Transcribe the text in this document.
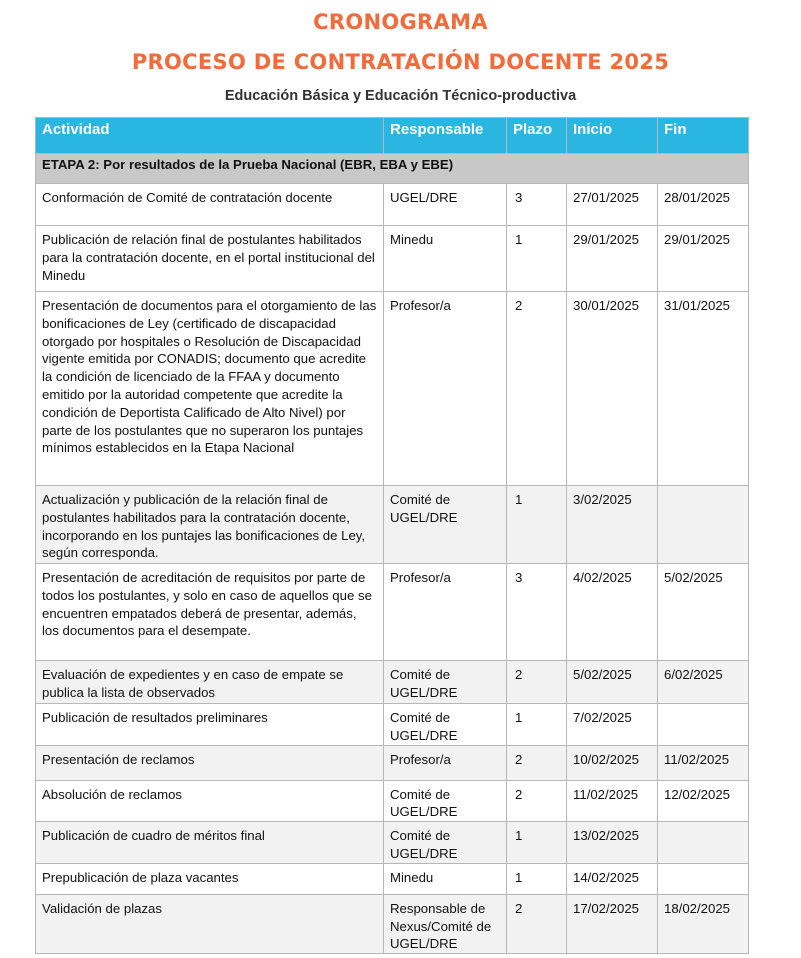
CRONOGRAMA
PROCESO DE CONTRATACIÓN DOCENTE 2025
Educación Básica y Educación Técnico-productiva
Actividad	Responsable	Plazo	Inicio	Fin
ETAPA 2: Por resultados de la Prueba Nacional (EBR, EBA y EBE)				
Conformación de Comité de contratación docente	UGEL/DRE	3	27/01/2025	28/01/2025
Publicación de relación final de postulantes habilitados para la contratación docente, en el portal institucional del Minedu	Minedu	1	29/01/2025	29/01/2025
Presentación de documentos para el otorgamiento de las bonificaciones de Ley (certificado de discapacidad otorgado por hospitales o Resolución de Discapacidad vigente emitida por CONADIS; documento que acredite la condición de licenciado de la FFAA y documento emitido por la autoridad competente que acredite la condición de Deportista Calificado de Alto Nivel) por parte de los postulantes que no superaron los puntajes mínimos establecidos en la Etapa Nacional	Profesor/a	2	30/01/2025	31/01/2025
Actualización y publicación de la relación final de postulantes habilitados para la contratación docente, incorporando en los puntajes las bonificaciones de Ley, según corresponda.	Comité de UGEL/DRE	1	3/02/2025	
Presentación de acreditación de requisitos por parte de todos los postulantes, y solo en caso de aquellos que se encuentren empatados deberá de presentar, además, los documentos para el desempate.	Profesor/a	3	4/02/2025	5/02/2025
Evaluación de expedientes y en caso de empate se publica la lista de observados	Comité de UGEL/DRE	2	5/02/2025	6/02/2025
Publicación de resultados preliminares	Comité de UGEL/DRE	1	7/02/2025	
Presentación de reclamos	Profesor/a	2	10/02/2025	11/02/2025
Absolución de reclamos	Comité de UGEL/DRE	2	11/02/2025	12/02/2025
Publicación de cuadro de méritos final	Comité de UGEL/DRE	1	13/02/2025	
Prepublicación de plaza vacantes	Minedu	1	14/02/2025	
Validación de plazas	Responsable de Nexus/Comité de UGEL/DRE	2	17/02/2025	18/02/2025
